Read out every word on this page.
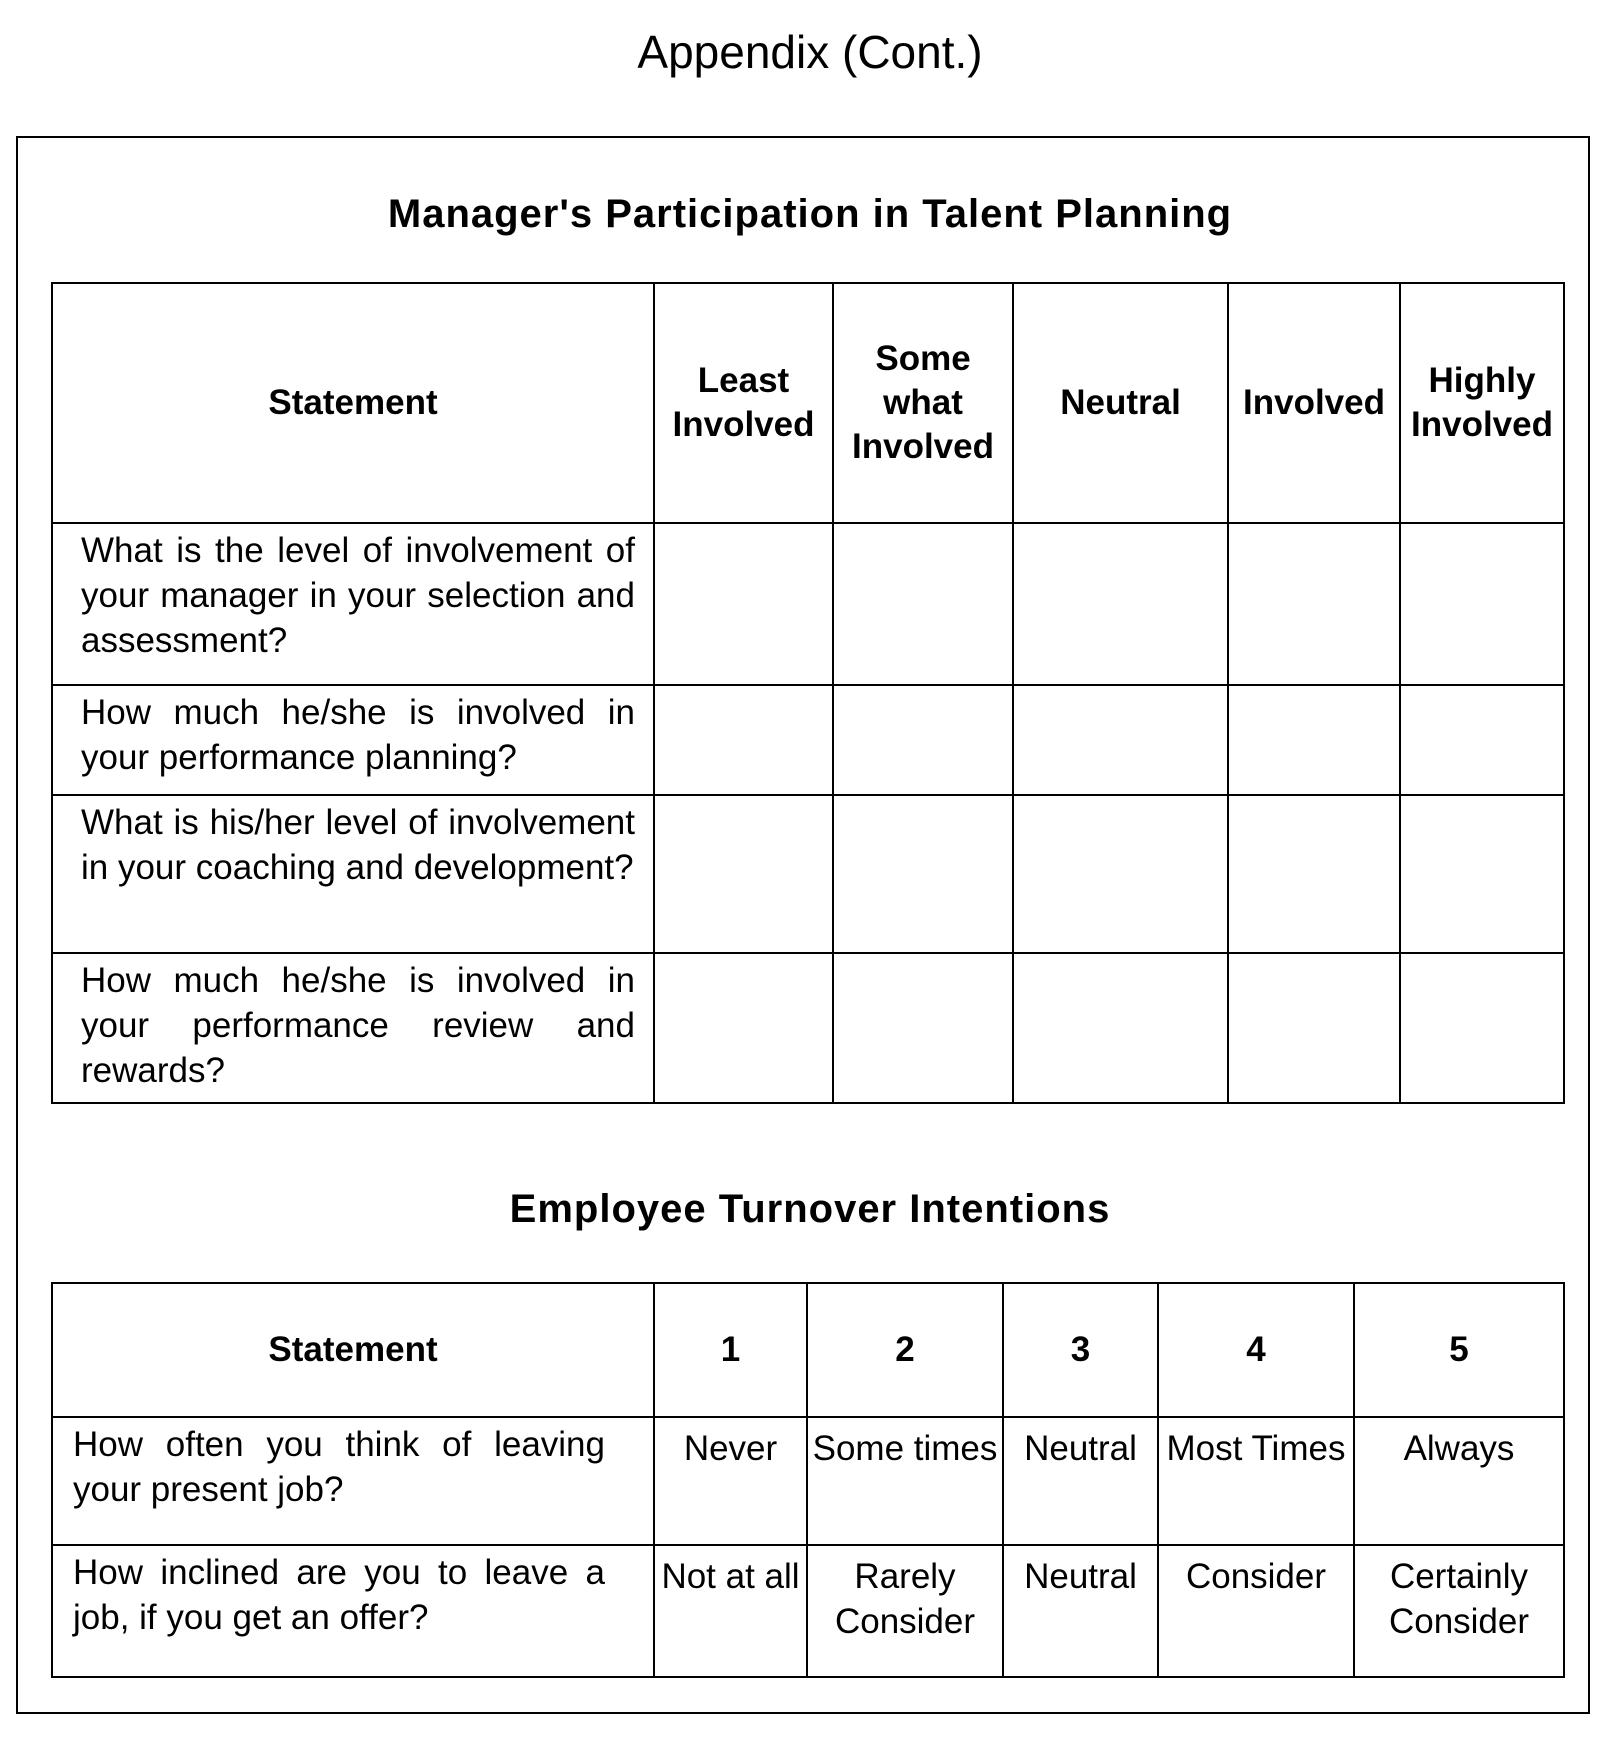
Appendix (Cont.)
Manager's Participation in Talent Planning
Statement	Least Involved	Some what Involved	Neutral	Involved	Highly Involved
What is the level of involvement of your manager in your selection and assessment?					
How much he/she is involved in your performance planning?					
What is his/her level of involvement in your coaching and development?					
How much he/she is involved in your performance review and rewards?					
Employee Turnover Intentions
Statement	1	2	3	4	5
How often you think of leaving your present job?	Never	Some times	Neutral	Most Times	Always
How inclined are you to leave a job, if you get an offer?	Not at all	Rarely Consider	Neutral	Consider	Certainly Consider
